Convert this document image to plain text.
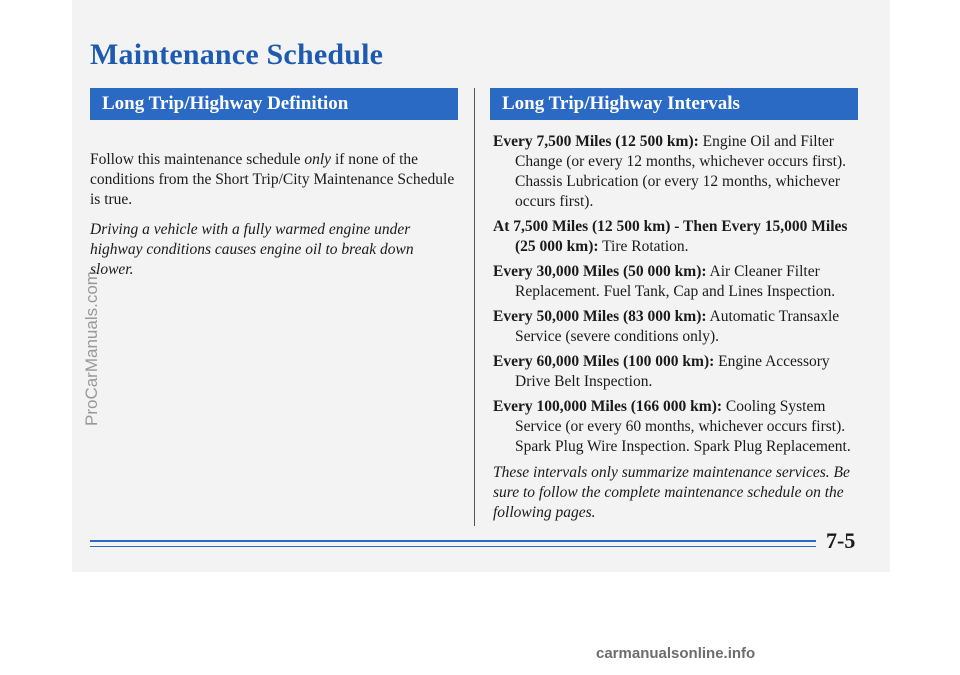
Maintenance Schedule
Long Trip/Highway Definition	Long Trip/Highway Intervals

Follow this maintenance schedule only if none of the conditions from the Short Trip/City Maintenance Schedule is true.

Driving a vehicle with a fully warmed engine under highway conditions causes engine oil to break down slower.

Every 7,500 Miles (12 500 km): Engine Oil and Filter Change (or every 12 months, whichever occurs first). Chassis Lubrication (or every 12 months, whichever occurs first).
At 7,500 Miles (12 500 km) - Then Every 15,000 Miles (25 000 km): Tire Rotation.
Every 30,000 Miles (50 000 km): Air Cleaner Filter Replacement. Fuel Tank, Cap and Lines Inspection.
Every 50,000 Miles (83 000 km): Automatic Transaxle Service (severe conditions only).
Every 60,000 Miles (100 000 km): Engine Accessory Drive Belt Inspection.
Every 100,000 Miles (166 000 km): Cooling System Service (or every 60 months, whichever occurs first). Spark Plug Wire Inspection. Spark Plug Replacement.
These intervals only summarize maintenance services. Be sure to follow the complete maintenance schedule on the following pages.
7-5
ProCarManuals.com
carmanualsonline.info
